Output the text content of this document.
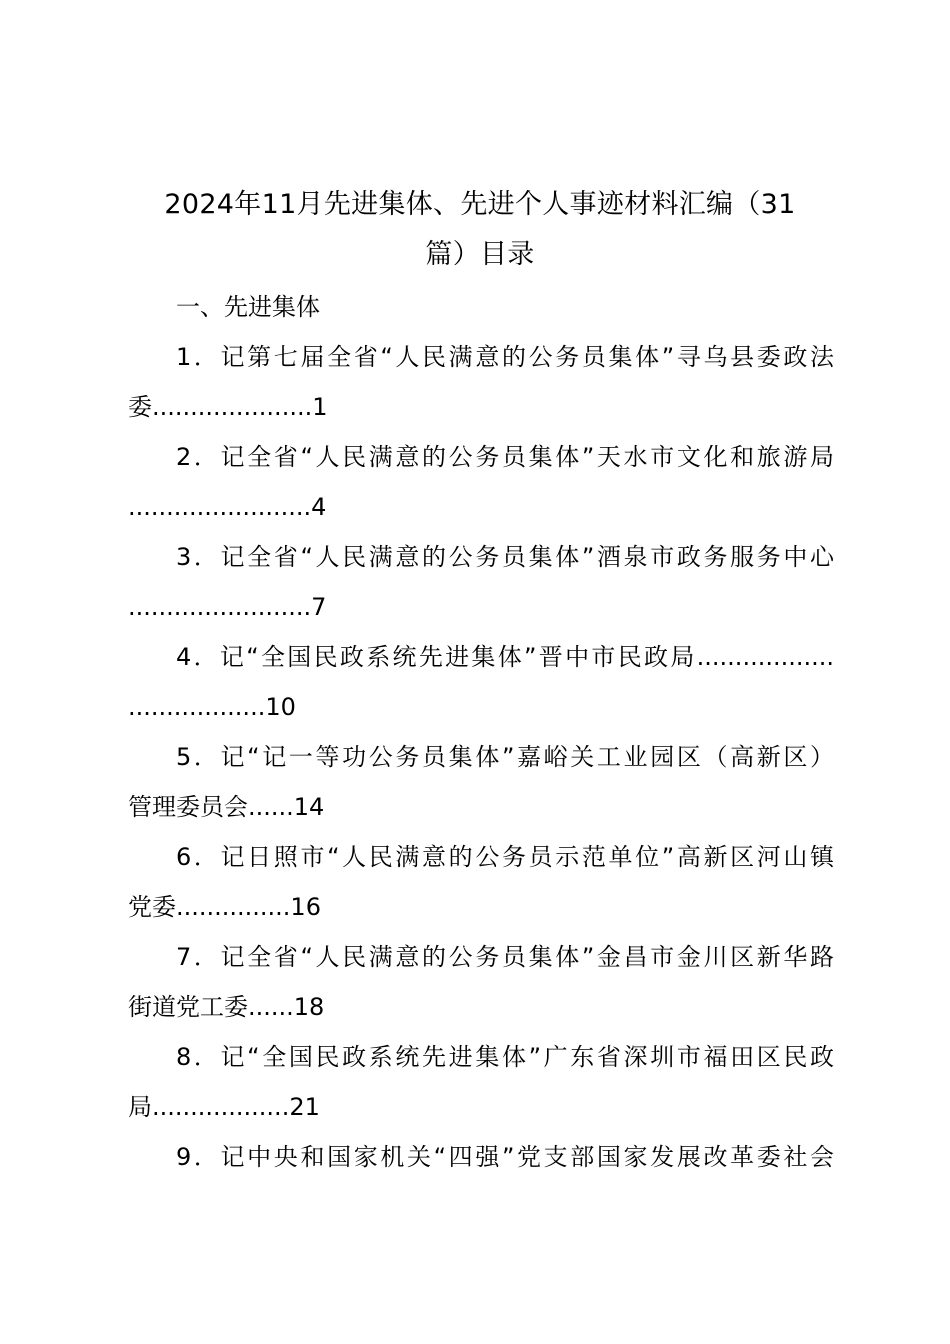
2024年11月先进集体、先进个人事迹材料汇编（31
篇）目录
一、先进集体
1．记第七届全省“人民满意的公务员集体”寻乌县委政法
委.....................1
2．记全省“人民满意的公务员集体”天水市文化和旅游局
........................4
3．记全省“人民满意的公务员集体”酒泉市政务服务中心
........................7
4．记“全国民政系统先进集体”晋中市民政局..................
..................10
5．记“记一等功公务员集体”嘉峪关工业园区（高新区）
管理委员会......14
6．记日照市“人民满意的公务员示范单位”高新区河山镇
党委...............16
7．记全省“人民满意的公务员集体”金昌市金川区新华路
街道党工委......18
8．记“全国民政系统先进集体”广东省深圳市福田区民政
局..................21
9．记中央和国家机关“四强”党支部国家发展改革委社会
